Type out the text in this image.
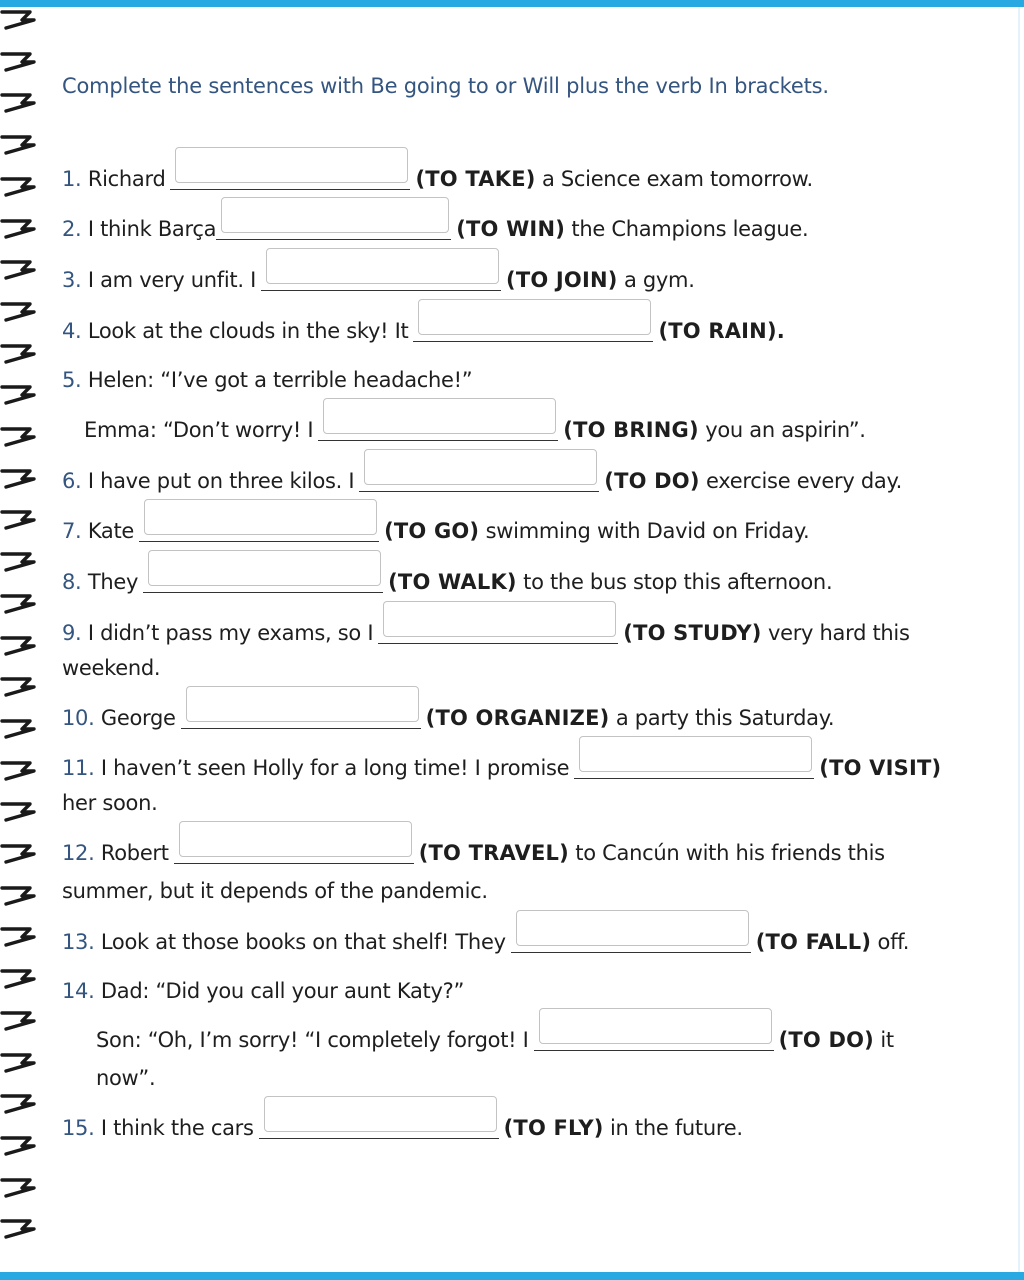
Complete the sentences with Be going to or Will plus the verb In brackets.
1. Richard	(TO TAKE) a Science exam tomorrow.
2. I think Barça	(TO WIN) the Champions league.
3. I am very unfit. I	(TO JOIN) a gym.
4. Look at the clouds in the sky! It	(TO RAIN).
5. Helen: “I’ve got a terrible headache!”
Emma: “Don’t worry! I	(TO BRING) you an aspirin”.
6. I have put on three kilos. I	(TO DO) exercise every day.
7. Kate	(TO GO) swimming with David on Friday.
8. They	(TO WALK) to the bus stop this afternoon.
9. I didn’t pass my exams, so I	(TO STUDY) very hard this
weekend.
10. George	(TO ORGANIZE) a party this Saturday.
11. I haven’t seen Holly for a long time! I promise	(TO VISIT)
her soon.
12. Robert	(TO TRAVEL) to Cancún with his friends this
summer, but it depends of the pandemic.
13. Look at those books on that shelf! They	(TO FALL) off.
14. Dad: “Did you call your aunt Katy?”
Son: “Oh, I’m sorry! “I completely forgot! I	(TO DO) it
now”.
15. I think the cars	(TO FLY) in the future.
